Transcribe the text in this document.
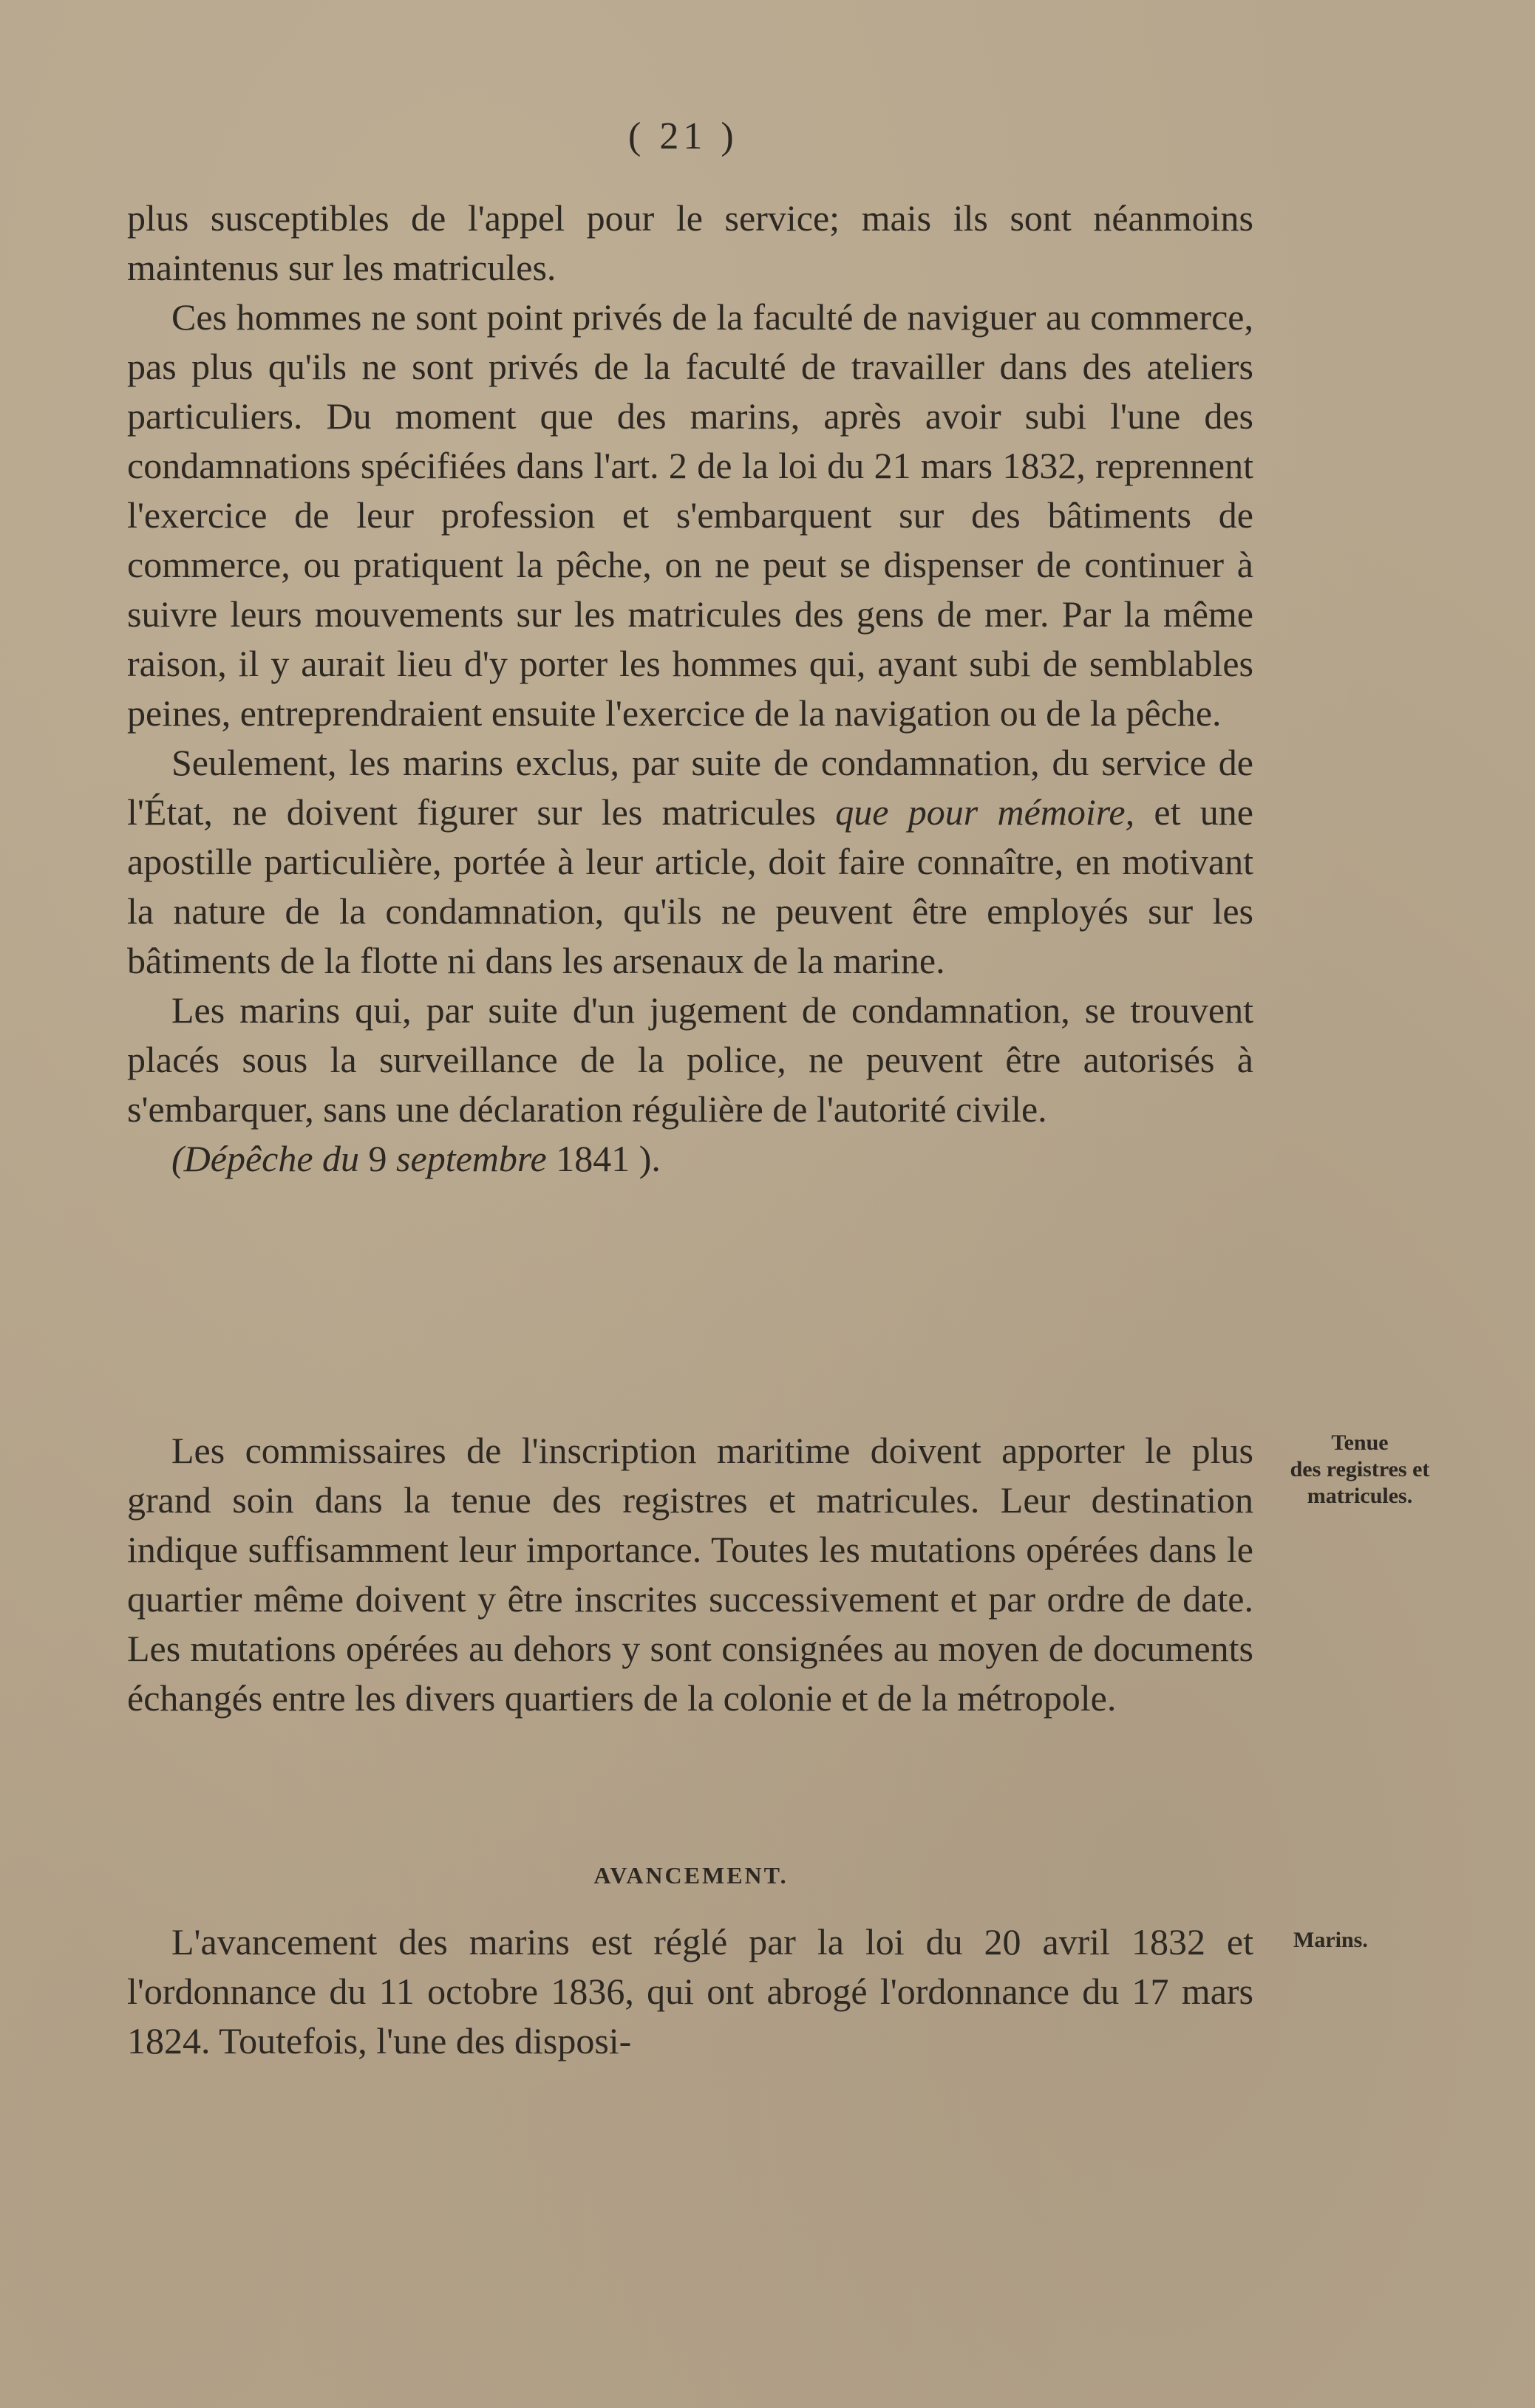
( 21 )

plus susceptibles de l'appel pour le service; mais ils sont néanmoins maintenus sur les matricules.

Ces hommes ne sont point privés de la faculté de naviguer au commerce, pas plus qu'ils ne sont privés de la faculté de travailler dans des ateliers particuliers. Du moment que des marins, après avoir subi l'une des condamnations spécifiées dans l'art. 2 de la loi du 21 mars 1832, reprennent l'exercice de leur profession et s'embarquent sur des bâtiments de commerce, ou pratiquent la pêche, on ne peut se dispenser de continuer à suivre leurs mouvements sur les matricules des gens de mer. Par la même raison, il y aurait lieu d'y porter les hommes qui, ayant subi de semblables peines, entreprendraient ensuite l'exercice de la navigation ou de la pêche.

Seulement, les marins exclus, par suite de condamnation, du service de l'État, ne doivent figurer sur les matricules que pour mémoire, et une apostille particulière, portée à leur article, doit faire connaître, en motivant la nature de la condamnation, qu'ils ne peuvent être employés sur les bâtiments de la flotte ni dans les arsenaux de la marine.

Les marins qui, par suite d'un jugement de condamnation, se trouvent placés sous la surveillance de la police, ne peuvent être autorisés à s'embarquer, sans une déclaration régulière de l'autorité civile.

(Dépêche du 9 septembre 1841 ).

Les commissaires de l'inscription maritime doivent apporter le plus grand soin dans la tenue des registres et matricules. Leur destination indique suffisamment leur importance. Toutes les mutations opérées dans le quartier même doivent y être inscrites successivement et par ordre de date. Les mutations opérées au dehors y sont consignées au moyen de documents échangés entre les divers quartiers de la colonie et de la métropole.

Tenue
des registres et
matricules.
AVANCEMENT.

L'avancement des marins est réglé par la loi du 20 avril 1832 et l'ordonnance du 11 octobre 1836, qui ont abrogé l'ordonnance du 17 mars 1824. Toutefois, l'une des disposi-

Marins.
